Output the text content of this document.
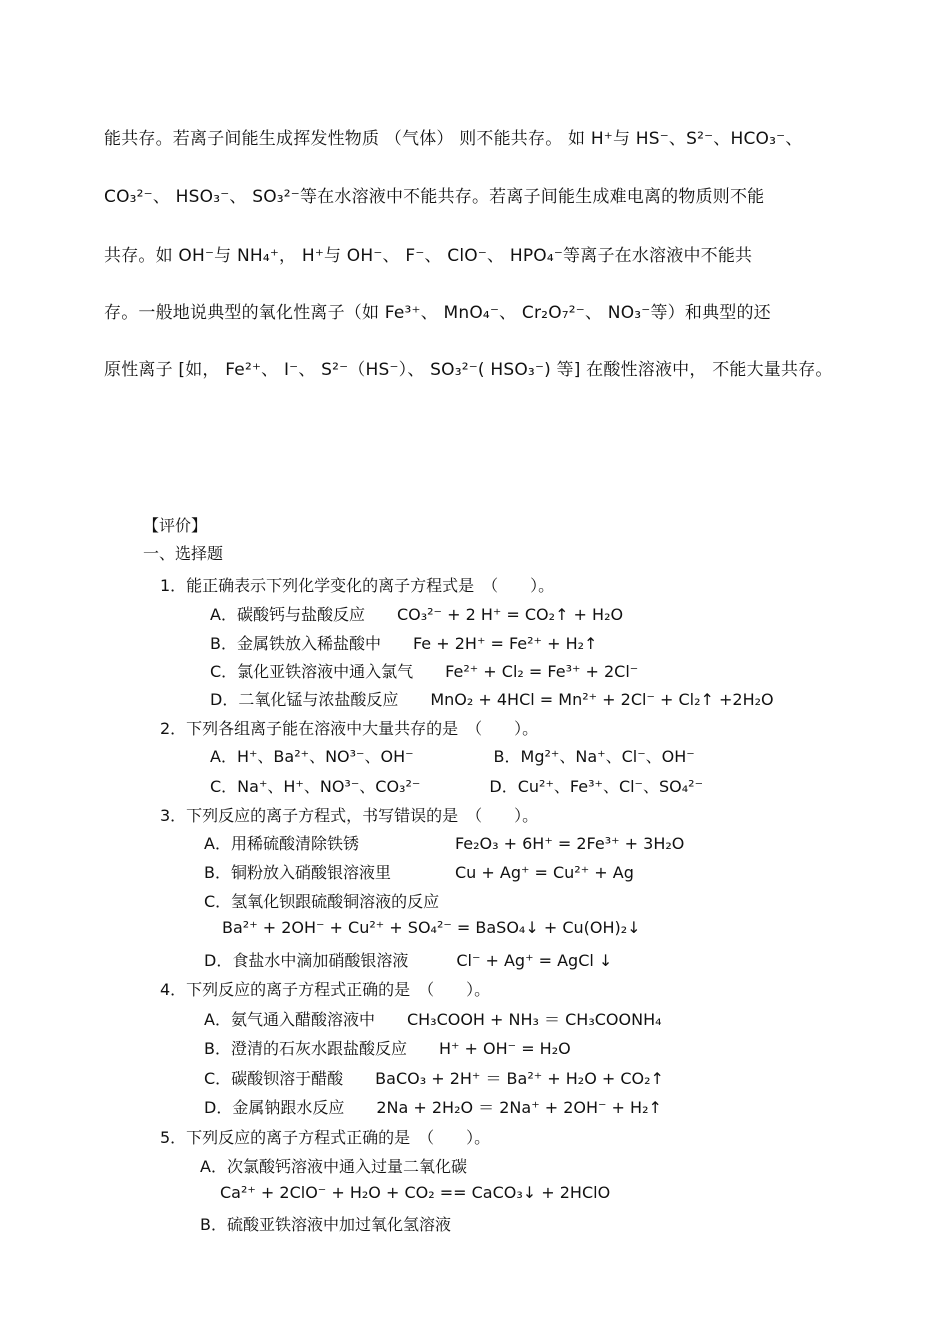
能共存。若离子间能生成挥发性物质 （气体） 则不能共存。 如 H⁺与 HS⁻、S²⁻、HCO₃⁻、
CO₃²⁻、 HSO₃⁻、 SO₃²⁻等在水溶液中不能共存。若离子间能生成难电离的物质则不能
共存。如 OH⁻与 NH₄⁺， H⁺与 OH⁻、 F⁻、 ClO⁻、 HPO₄⁻等离子在水溶液中不能共
存。一般地说典型的氧化性离子（如 Fe³⁺、 MnO₄⁻、 Cr₂O₇²⁻、 NO₃⁻等）和典型的还
原性离子 [如， Fe²⁺、 I⁻、 S²⁻（HS⁻）、 SO₃²⁻( HSO₃⁻) 等] 在酸性溶液中， 不能大量共存。
【评价】
一、选择题
1．能正确表示下列化学变化的离子方程式是　（　　）。
A．碳酸钙与盐酸反应　　CO₃²⁻ + 2 H⁺ = CO₂↑ + H₂O
B．金属铁放入稀盐酸中　　Fe + 2H⁺ = Fe²⁺ + H₂↑
C．氯化亚铁溶液中通入氯气　　Fe²⁺ + Cl₂ = Fe³⁺ + 2Cl⁻
D．二氧化锰与浓盐酸反应　　MnO₂ + 4HCl = Mn²⁺ + 2Cl⁻ + Cl₂↑ +2H₂O
2．下列各组离子能在溶液中大量共存的是　（　　）。
A．H⁺、Ba²⁺、NO³⁻、OH⁻　　　　　B．Mg²⁺、Na⁺、Cl⁻、OH⁻
C．Na⁺、H⁺、NO³⁻、CO₃²⁻　　　　 D．Cu²⁺、Fe³⁺、Cl⁻、SO₄²⁻
3．下列反应的离子方程式，书写错误的是　（　　）。
A．用稀硫酸清除铁锈　　　　　　Fe₂O₃ + 6H⁺ = 2Fe³⁺ + 3H₂O
B．铜粉放入硝酸银溶液里　　　　Cu + Ag⁺ = Cu²⁺ + Ag
C．氢氧化钡跟硫酸铜溶液的反应
Ba²⁺ + 2OH⁻ + Cu²⁺ + SO₄²⁻ = BaSO₄↓ + Cu(OH)₂↓
D．食盐水中滴加硝酸银溶液　　　Cl⁻ + Ag⁺ = AgCl ↓
4．下列反应的离子方程式正确的是　（　　）。
A．氨气通入醋酸溶液中　　CH₃COOH + NH₃ ＝ CH₃COONH₄
B．澄清的石灰水跟盐酸反应　　H⁺ + OH⁻ = H₂O
C．碳酸钡溶于醋酸　　BaCO₃ + 2H⁺ ＝ Ba²⁺ + H₂O + CO₂↑
D．金属钠跟水反应　　2Na + 2H₂O ＝ 2Na⁺ + 2OH⁻ + H₂↑
5．下列反应的离子方程式正确的是　（　　）。
A．次氯酸钙溶液中通入过量二氧化碳
Ca²⁺ + 2ClO⁻ + H₂O + CO₂ == CaCO₃↓ + 2HClO
B．硫酸亚铁溶液中加过氧化氢溶液
